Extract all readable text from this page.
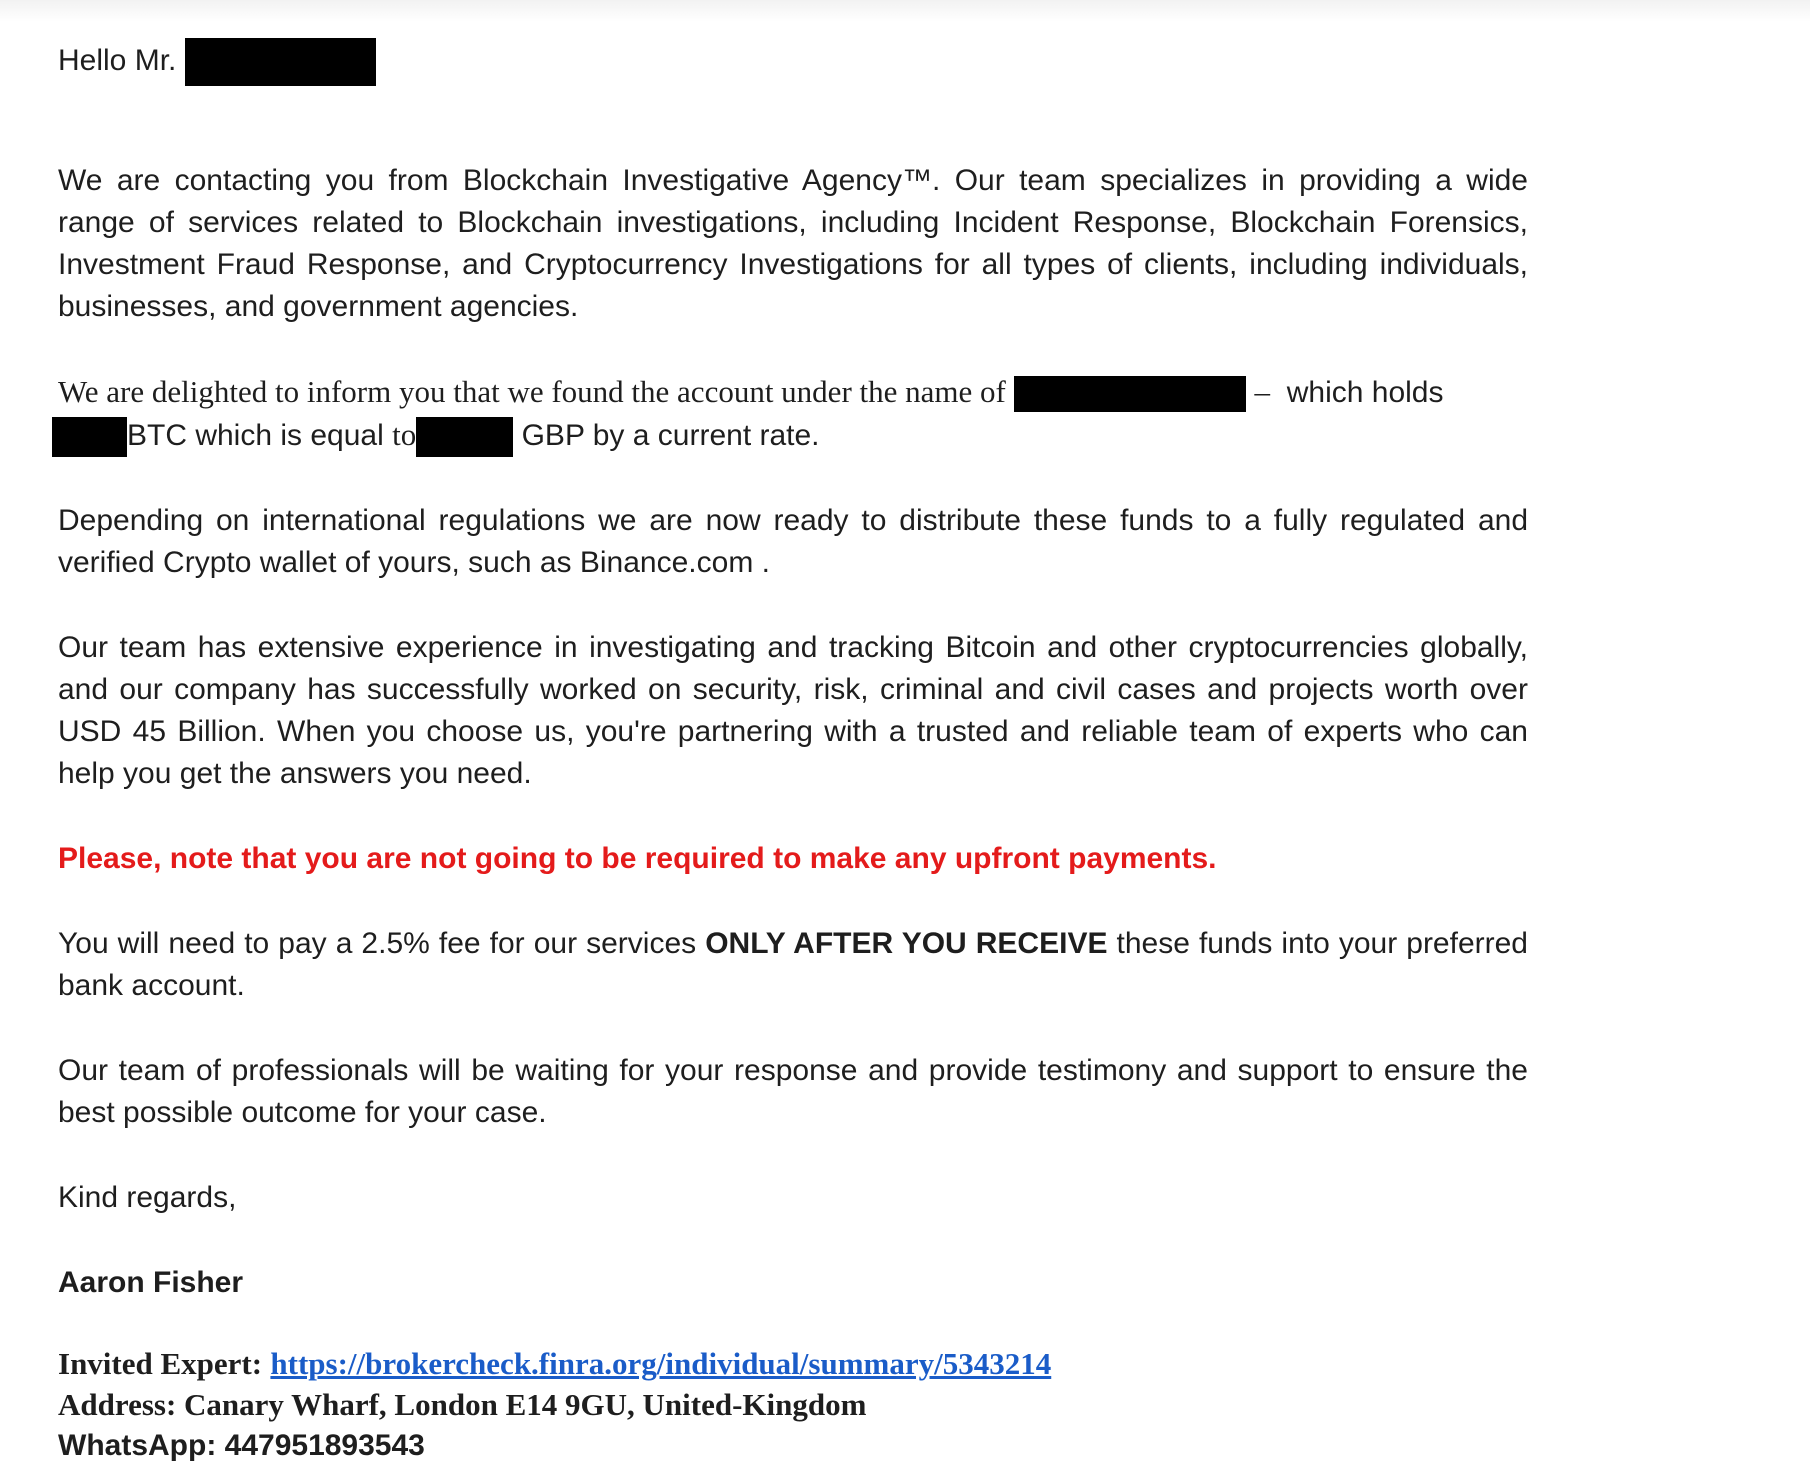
Hello Mr.

We are contacting you from Blockchain Investigative Agency™. Our team specializes in providing a wide range of services related to Blockchain investigations, including Incident Response, Blockchain Forensics, Investment Fraud Response, and Cryptocurrency Investigations for all types of clients, including individuals, businesses, and government agencies.

We are delighted to inform you that we found the account under the name of	– which holds
BTC which is equal to	GBP by a current rate.

Depending on international regulations we are now ready to distribute these funds to a fully regulated and verified Crypto wallet of yours, such as Binance.com .

Our team has extensive experience in investigating and tracking Bitcoin and other cryptocurrencies globally, and our company has successfully worked on security, risk, criminal and civil cases and projects worth over USD 45 Billion. When you choose us, you're partnering with a trusted and reliable team of experts who can help you get the answers you need.

Please, note that you are not going to be required to make any upfront payments.

You will need to pay a 2.5% fee for our services ONLY AFTER YOU RECEIVE these funds into your preferred bank account.

Our team of professionals will be waiting for your response and provide testimony and support to ensure the best possible outcome for your case.

Kind regards,

Aaron Fisher

Invited Expert: https://brokercheck.finra.org/individual/summary/5343214

Address: Canary Wharf, London E14 9GU, United-Kingdom

WhatsApp: 447951893543
